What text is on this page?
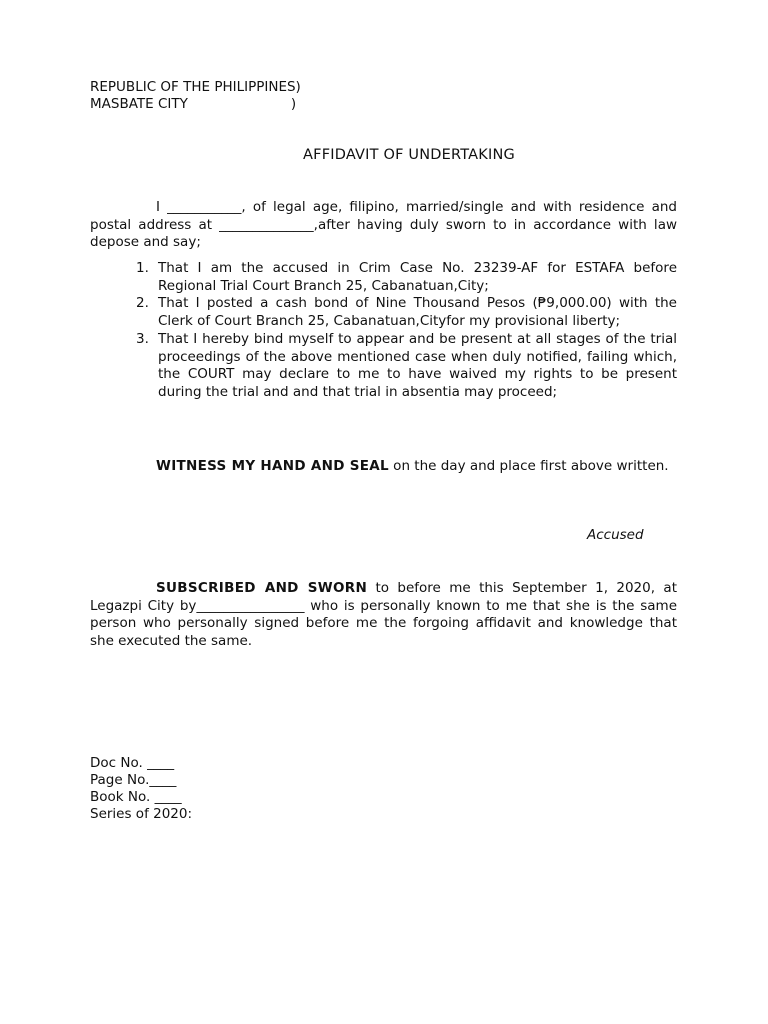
REPUBLIC OF THE PHILIPPINES)
MASBATE CITY                        )
AFFIDAVIT OF UNDERTAKING
I ___________, of legal age, filipino, married/single and with residence and postal address at ______________,after having duly sworn to in accordance with law depose and say;
1. That I am the accused in Crim Case No. 23239-AF for ESTAFA before Regional Trial Court Branch 25, Cabanatuan,City;
2. That I posted a cash bond of Nine Thousand Pesos (₱9,000.00) with the Clerk of Court Branch 25, Cabanatuan,Cityfor my provisional liberty;
3. That I hereby bind myself to appear and be present at all stages of the trial proceedings of the above mentioned case when duly notified, failing which, the COURT may declare to me to have waived my rights to be present during the trial and and that trial in absentia may proceed;
WITNESS MY HAND AND SEAL on the day and place first above written.
Accused
SUBSCRIBED AND SWORN to before me this September 1, 2020, at Legazpi City by________________ who is personally known to me that she is the same person who personally signed before me the forgoing affidavit and knowledge that she executed the same.
Doc No. ____
Page No.____
Book No. ____
Series of 2020:
